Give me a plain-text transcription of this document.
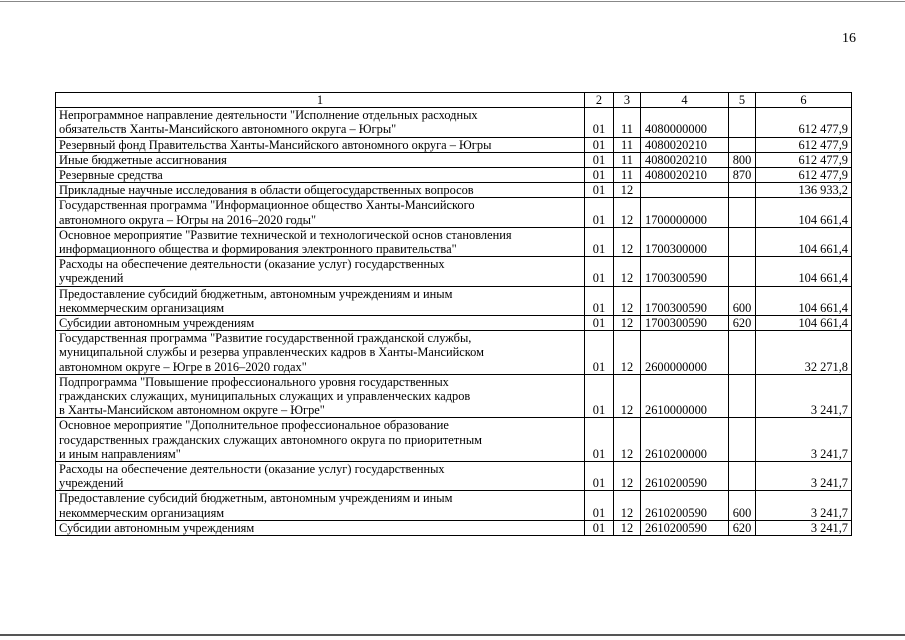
16
1	2	3	4	5	6
Непрограммное направление деятельности "Исполнение отдельных расходных
обязательств Ханты-Мансийского автономного округа – Югры"	01	11	4080000000		612 477,9
Резервный фонд Правительства Ханты-Мансийского автономного округа – Югры	01	11	4080020210		612 477,9
Иные бюджетные ассигнования	01	11	4080020210	800	612 477,9
Резервные средства	01	11	4080020210	870	612 477,9
Прикладные научные исследования в области общегосударственных вопросов	01	12			136 933,2
Государственная программа "Информационное общество Ханты-Мансийского
автономного округа – Югры на 2016–2020 годы"	01	12	1700000000		104 661,4
Основное мероприятие "Развитие технической и технологической основ становления
информационного общества и формирования электронного правительства"	01	12	1700300000		104 661,4
Расходы на обеспечение деятельности (оказание услуг) государственных
учреждений	01	12	1700300590		104 661,4
Предоставление субсидий бюджетным, автономным учреждениям и иным
некоммерческим организациям	01	12	1700300590	600	104 661,4
Субсидии автономным учреждениям	01	12	1700300590	620	104 661,4
Государственная программа "Развитие государственной гражданской службы,
муниципальной службы и резерва управленческих кадров в Ханты-Мансийском
автономном округе – Югре в 2016–2020 годах"	01	12	2600000000		32 271,8
Подпрограмма "Повышение профессионального уровня государственных
гражданских служащих, муниципальных служащих и управленческих кадров
в Ханты-Мансийском автономном округе – Югре"	01	12	2610000000		3 241,7
Основное мероприятие "Дополнительное профессиональное образование
государственных гражданских служащих автономного округа по приоритетным
и иным направлениям"	01	12	2610200000		3 241,7
Расходы на обеспечение деятельности (оказание услуг) государственных
учреждений	01	12	2610200590		3 241,7
Предоставление субсидий бюджетным, автономным учреждениям и иным
некоммерческим организациям	01	12	2610200590	600	3 241,7
Субсидии автономным учреждениям	01	12	2610200590	620	3 241,7
